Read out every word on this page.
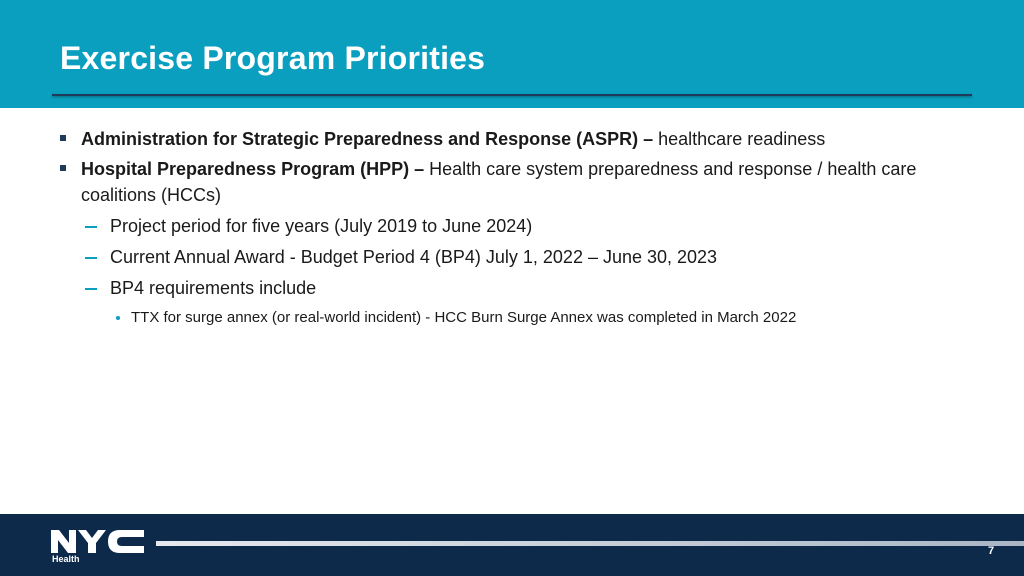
Exercise Program Priorities
Administration for Strategic Preparedness and Response (ASPR) – healthcare readiness
Hospital Preparedness Program (HPP) – Health care system preparedness and response / health care coalitions (HCCs)
Project period for five years (July 2019 to June 2024)
Current Annual Award - Budget Period 4 (BP4) July 1, 2022 – June 30, 2023
BP4 requirements include
TTX for surge annex (or real-world incident) - HCC Burn Surge Annex was completed in March 2022
Health
7
